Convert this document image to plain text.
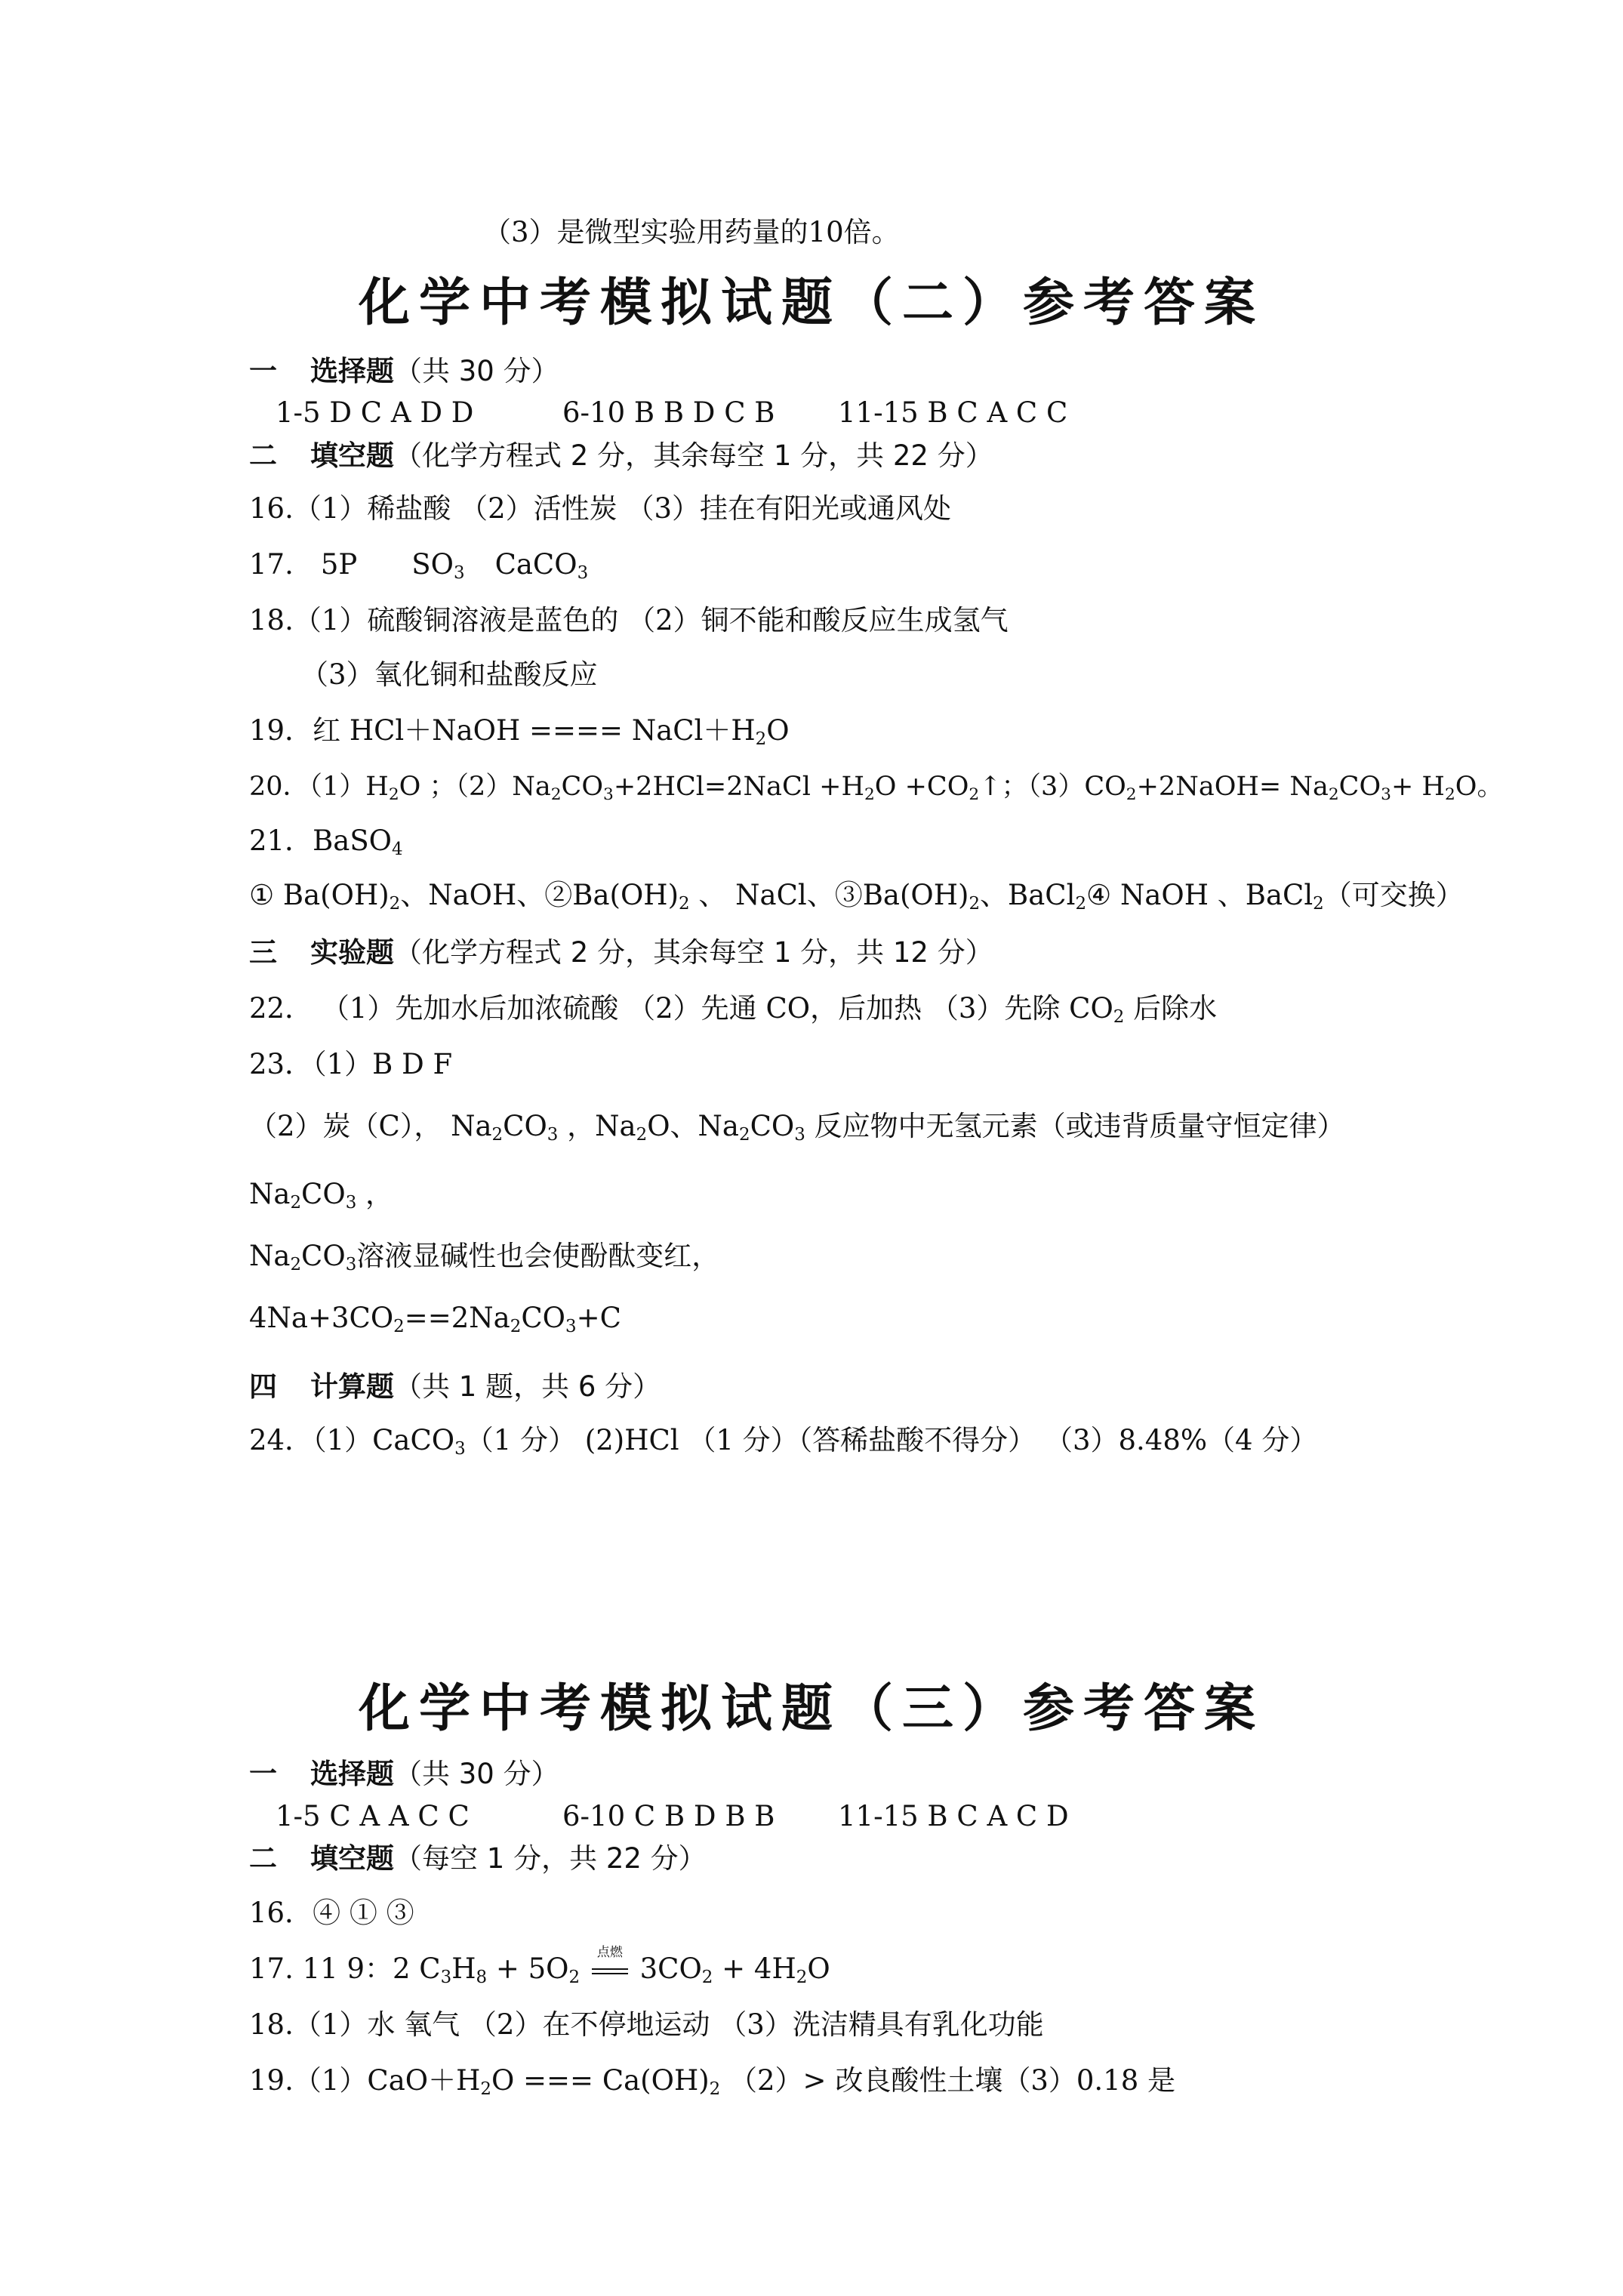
（3）是微型实验用药量的10倍。
化学中考模拟试题（二）参考答案
一 选择题（共 30 分）
1-5 D C A D D	6-10 B B D C B 11-15 B C A C C
二 填空题（化学方程式 2 分，其余每空 1 分，共 22 分）
16.（1）稀盐酸 （2）活性炭 （3）挂在有阳光或通风处
17. 5P $SO_3$ CaCO$_3$
18.（1）硫酸铜溶液是蓝色的 （2）铜不能和酸反应生成氢气
（3）氧化铜和盐酸反应
19．红 HCl＋NaOH ==== $NaCl+H_2O$
20．$(1)H_2O$ ；$(2)Na_2CO_3+2HCl=2NaCl +H_2O$ $+CO_2↑$；$(3)CO_2+2NaOH= Na_2CO_3+ H_2O$。
21．BaSO$_4$
① $Ba(OH)_2$、NaOH、$②Ba(OH)_2$ 、 NaCl、$③Ba(OH)_2$、BaCl$_2$④ NaOH 、BaCl$_2$（可交换）
三 实验题（化学方程式 2 分，其余每空 1 分，共 12 分）
22． （1）先加水后加浓硫酸 （2）先通 CO，后加热 （3）先除 $CO_2$ 后除水
23．（1）B D F
（2）炭（C）， $Na_2CO_3$ ，$Na_2O$、$Na_2CO_3$ 反应物中无氢元素（或违背质量守恒定律）
$Na_2CO_3$ ，
$Na_2CO_3$溶液显碱性也会使酚酞变红，
$4Na+3CO_2==2Na_2CO_3+C$
四 计算题（共 1 题，共 6 分）
24．（1）CaCO$_3$（1 分） (2)HCl （1 分）（答稀盐酸不得分） （3）8.48%（4 分）
化学中考模拟试题（三）参考答案
一 选择题（共 30 分）
1-5 C A A C C	6-10 C B D B B 11-15 B C A C D
二 填空题（每空 1 分，共 22 分）
16．④ ① ③
17. 11 9：2 $C_3H_8 + 5O_2$
点燃 $3CO_2 + 4H_2O$
18.（1）水 氧气 （2）在不停地运动 （3）洗洁精具有乳化功能
$19.(1)CaO+H_2O$ === $Ca(OH)_2$ （2）> 改良酸性土壤（3）0.18 是
